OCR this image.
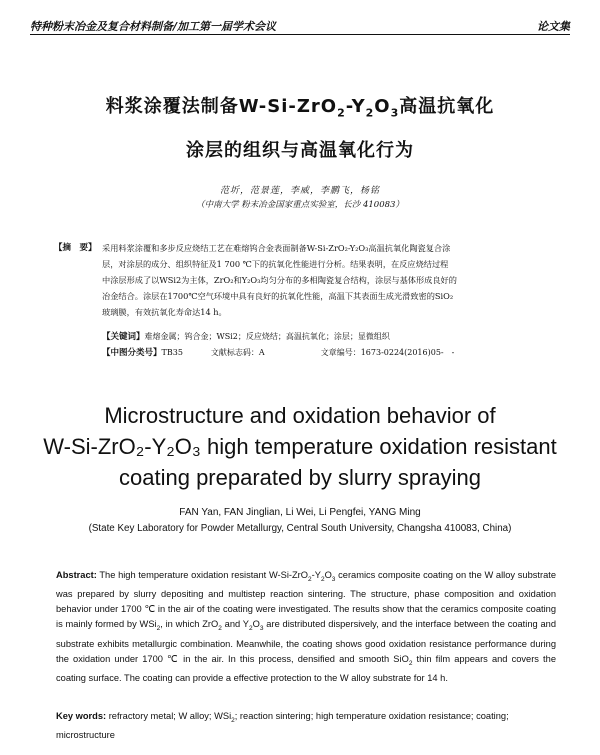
特种粉末冶金及复合材料制备/加工第一届学术会议	论文集
料浆涂覆法制备$W-Si-ZrO_2-Y_2O_3$高温抗氧化
涂层的组织与高温氧化行为
范圻，范景莲，李威，李鹏飞，杨铭
（中南大学 粉末冶金国家重点实验室，长沙 410083）
【摘　要】 采用料浆涂覆和多步反应烧结工艺在难熔钨合金表面制备W-Si-ZrO₂-Y₂O₃高温抗氧化陶瓷复合涂
层，对涂层的成分、组织特征及1 700 ℃下的抗氧化性能进行分析。结果表明，在反应烧结过程
中涂层形成了以WSi2为主体，ZrO₂和Y₂O₃均匀分布的多相陶瓷复合结构，涂层与基体形成良好的
冶金结合。涂层在1700℃空气环境中具有良好的抗氧化性能，高温下其表面生成光滑致密的SiO₂
玻璃膜，有效抗氧化寿命达14 h。
【关键词】难熔金属；钨合金；WSi2；反应烧结；高温抗氧化；涂层；显微组织
【中图分类号】TB35	文献标志码：A	文章编号：1673-0224(2016)05-　-
Microstructure and oxidation behavior of
W-Si-ZrO₂-Y₂O₃ high temperature oxidation resistant
coating preparated by slurry spraying
FAN Yan, FAN Jinglian, Li Wei, Li Pengfei, YANG Ming
(State Key Laboratory for Powder Metallurgy, Central South University, Changsha 410083, China)
Abstract: The high temperature oxidation resistant $W-Si-ZrO_2-Y_2O_3$ ceramics composite coating on the W alloy substrate was prepared by slurry depositing and multistep reaction sintering. The structure, phase composition and oxidation behavior under 1700 ℃ in the air of the coating were investigated. The results show that the ceramics composite coating is mainly formed by WSi$_2$, in which ZrO$_2$ and $Y_2O_3$ are distributed dispersively, and the interface between the coating and substrate exhibits metallurgic combination. Meanwhile, the coating shows good oxidation resistance performance during the oxidation under 1700 ℃ in the air. In this process, densified and smooth SiO$_2$ thin film appears and covers the coating surface. The coating can provide a effective protection to the W alloy substrate for 14 h.
Key words: refractory metal; W alloy; WSi$_2$; reaction sintering; high temperature oxidation resistance; coating; microstructure
